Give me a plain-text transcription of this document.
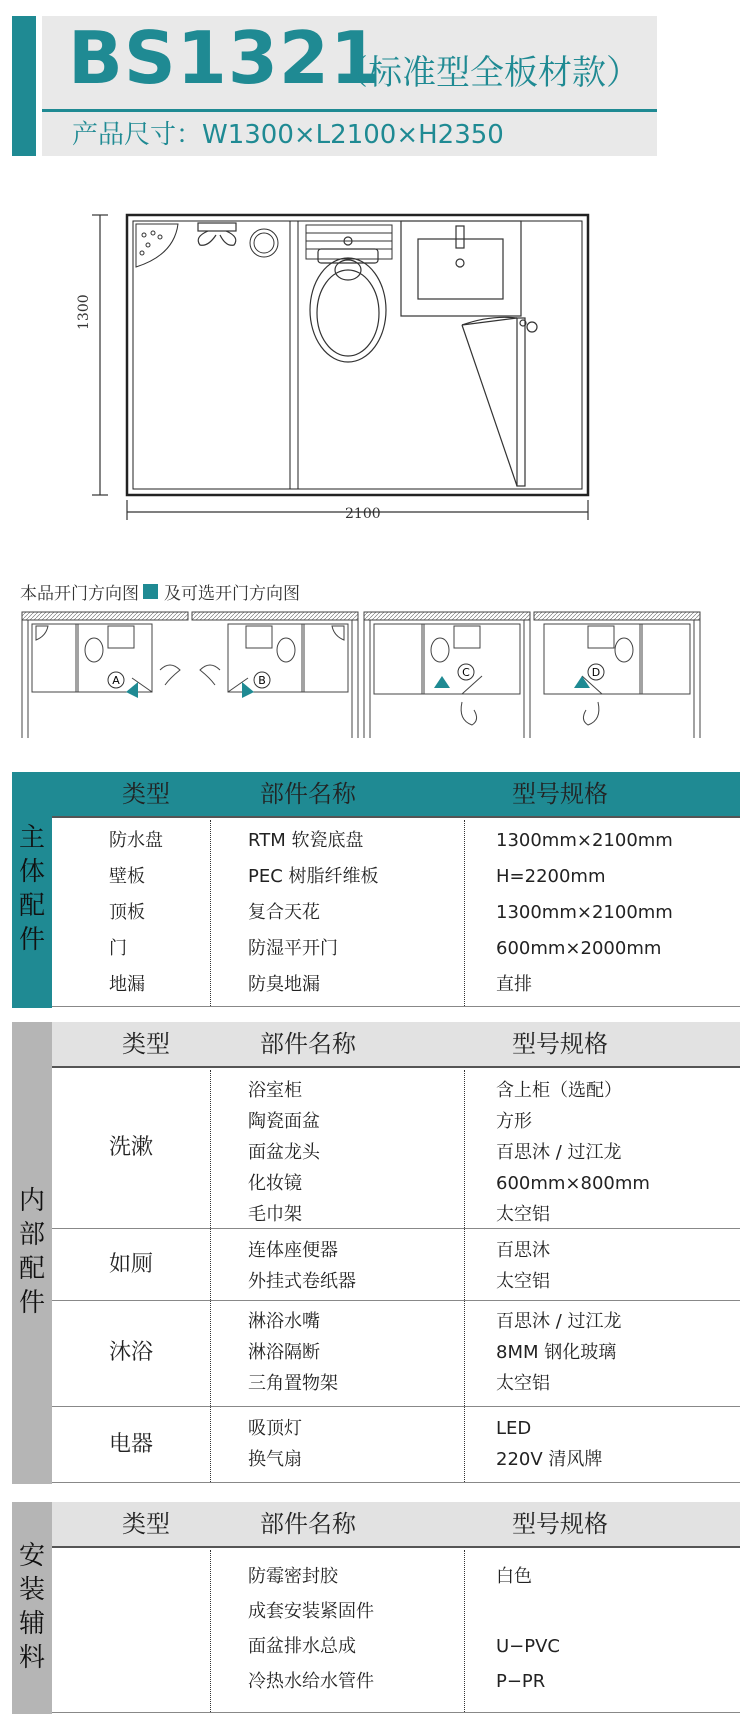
BS1321
（标准型全板材款）
产品尺寸：W1300×L2100×H2350
1300
2100
本品开门方向图 及可选开门方向图
A	B
C	D
主
体
配
件
类型	部件名称	型号规格
防水盘	RTM 软瓷底盘	1300mm×2100mm
壁板	PEC 树脂纤维板	H=2200mm
顶板	复合天花	1300mm×2100mm
门	防湿平开门	600mm×2000mm
地漏	防臭地漏	直排
内
部
配
件
类型	部件名称	型号规格
洗漱
浴室柜	含上柜（选配）
陶瓷面盆	方形
面盆龙头	百思沐 / 过江龙
化妆镜	600mm×800mm
毛巾架	太空铝
如厕
连体座便器	百思沐
外挂式卷纸器	太空铝
沐浴
淋浴水嘴	百思沐 / 过江龙
淋浴隔断	8MM 钢化玻璃
三角置物架	太空铝
电器
吸顶灯	LED
换气扇	220V 清风牌
安
装
辅
料
类型	部件名称	型号规格
防霉密封胶	白色
成套安装紧固件
面盆排水总成	U−PVC
冷热水给水管件	P−PR
